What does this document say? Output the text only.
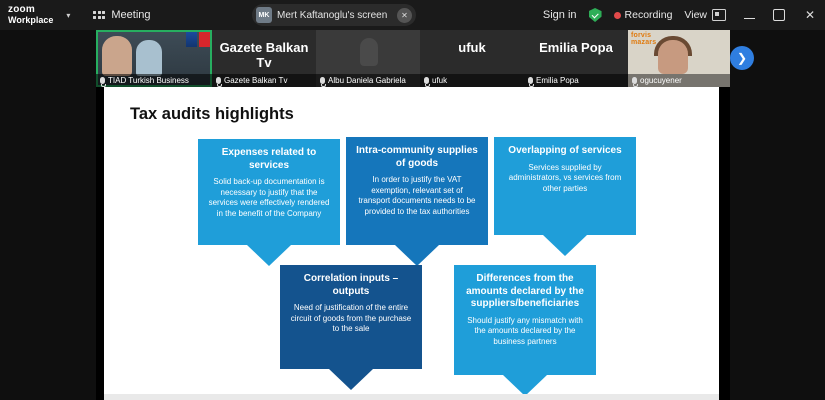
zoom
Workplace	▾	Meeting	MK Mert Kaftanoglu's screen	✕	Sign in	Recording View	✕
TIAD Turkish Business
Gazete Balkan Tv
Gazete Balkan Tv	Albu Daniela Gabriela
ufuk
ufuk
Emilia Popa
Emilia Popa
forvis
mazars
ogucuyener
❯
Tax audits highlights
Expenses related to services
Solid back-up documentation is necessary to justify that the services were effectively rendered in the benefit of the Company
Intra-community supplies of goods
In order to justify the VAT exemption, relevant set of transport documents needs to be provided to the tax authorities
Overlapping of services
Services supplied by administrators, vs services from other parties
Correlation inputs – outputs
Need of justification of the entire circuit of goods from the purchase to the sale
Differences from the amounts declared by the suppliers/beneficiaries
Should justify any mismatch with the amounts declared by the business partners
